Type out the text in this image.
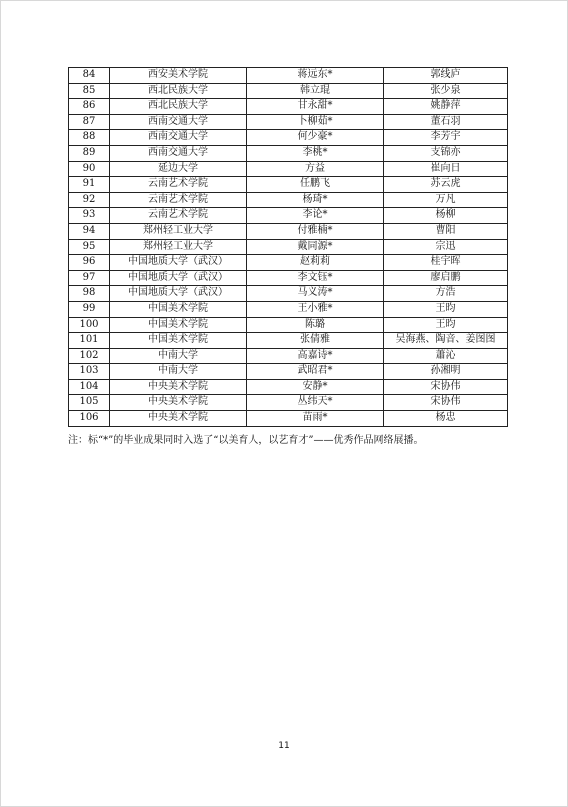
84	西安美术学院	蒋远东*	郭线庐
85	西北民族大学	韩立琨	张少泉
86	西北民族大学	甘永甜*	姚静萍
87	西南交通大学	卜柳茹*	董石羽
88	西南交通大学	何少豪*	李芳宇
89	西南交通大学	李桃*	支锦亦
90	延边大学	方益	崔向日
91	云南艺术学院	任鹏飞	苏云虎
92	云南艺术学院	杨琦*	万凡
93	云南艺术学院	李论*	杨柳
94	郑州轻工业大学	付雅楠*	曹阳
95	郑州轻工业大学	戴同源*	宗迅
96	中国地质大学（武汉）	赵莉莉	桂宇晖
97	中国地质大学（武汉）	李文钰*	廖启鹏
98	中国地质大学（武汉）	马义涛*	方浩
99	中国美术学院	王小雅*	王昀
100	中国美术学院	陈璐	王昀
101	中国美术学院	张倩雅	吴海燕、陶音、姜图图
102	中南大学	高嘉诗*	蕭沁
103	中南大学	武昭君*	孙湘明
104	中央美术学院	安静*	宋协伟
105	中央美术学院	丛纬天*	宋协伟
106	中央美术学院	苗雨*	杨忠
注：标“*”的毕业成果同时入选了“以美育人，以艺育才”——优秀作品网络展播。
11
